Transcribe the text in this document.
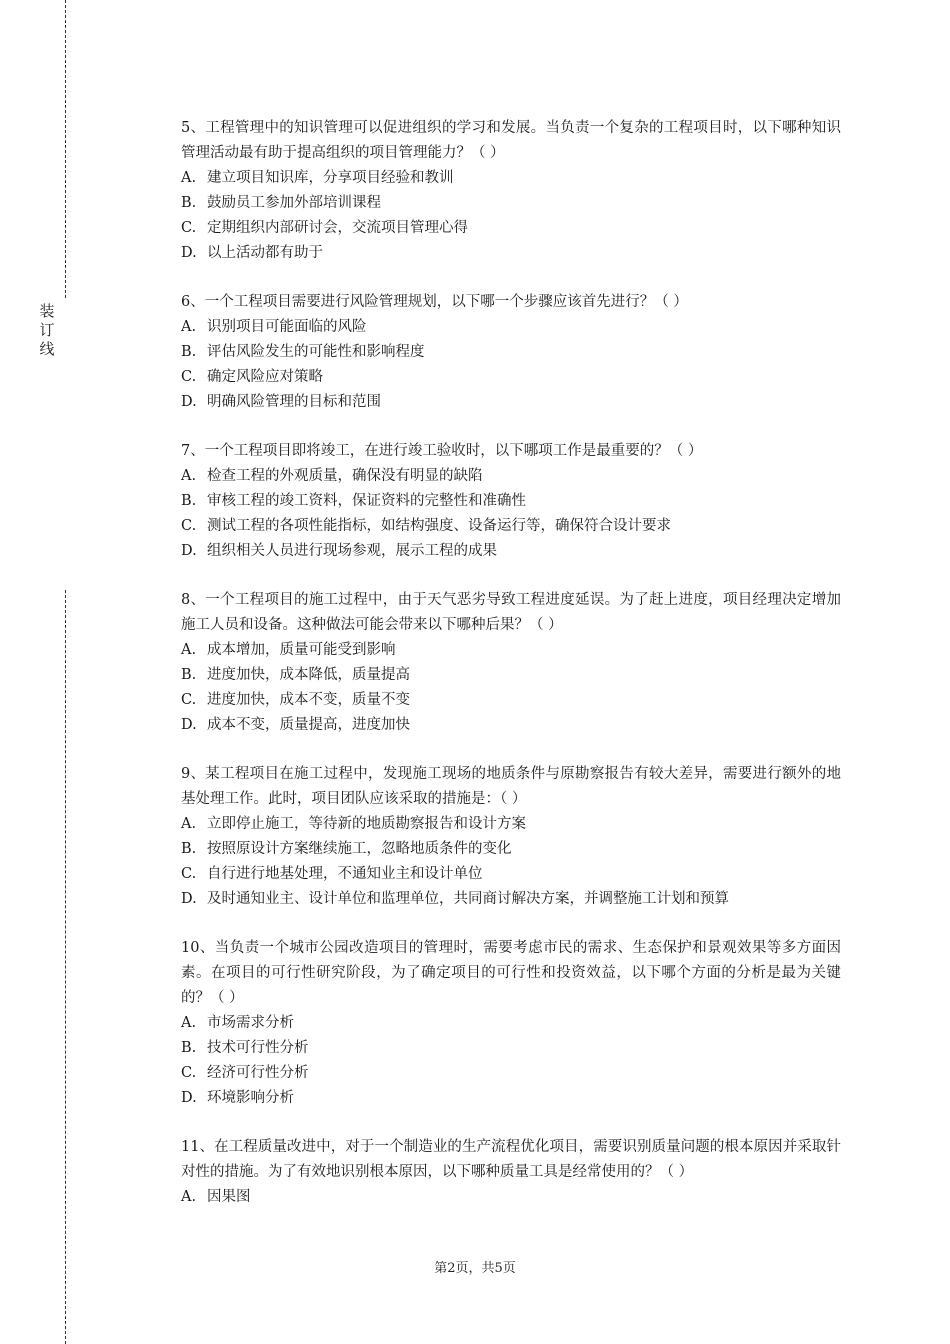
装
订
线
5、工程管理中的知识管理可以促进组织的学习和发展。当负责一个复杂的工程项目时，以下哪种知识管理活动最有助于提高组织的项目管理能力？（ ）
A. 建立项目知识库，分享项目经验和教训
B. 鼓励员工参加外部培训课程
C. 定期组织内部研讨会，交流项目管理心得
D. 以上活动都有助于
6、一个工程项目需要进行风险管理规划，以下哪一个步骤应该首先进行？（ ）
A. 识别项目可能面临的风险
B. 评估风险发生的可能性和影响程度
C. 确定风险应对策略
D. 明确风险管理的目标和范围
7、一个工程项目即将竣工，在进行竣工验收时，以下哪项工作是最重要的？（ ）
A. 检查工程的外观质量，确保没有明显的缺陷
B. 审核工程的竣工资料，保证资料的完整性和准确性
C. 测试工程的各项性能指标，如结构强度、设备运行等，确保符合设计要求
D. 组织相关人员进行现场参观，展示工程的成果
8、一个工程项目的施工过程中，由于天气恶劣导致工程进度延误。为了赶上进度，项目经理决定增加施工人员和设备。这种做法可能会带来以下哪种后果？（ ）
A. 成本增加，质量可能受到影响
B. 进度加快，成本降低，质量提高
C. 进度加快，成本不变，质量不变
D. 成本不变，质量提高，进度加快
9、某工程项目在施工过程中，发现施工现场的地质条件与原勘察报告有较大差异，需要进行额外的地基处理工作。此时，项目团队应该采取的措施是：（ ）
A. 立即停止施工，等待新的地质勘察报告和设计方案
B. 按照原设计方案继续施工，忽略地质条件的变化
C. 自行进行地基处理，不通知业主和设计单位
D. 及时通知业主、设计单位和监理单位，共同商讨解决方案，并调整施工计划和预算
10、当负责一个城市公园改造项目的管理时，需要考虑市民的需求、生态保护和景观效果等多方面因素。在项目的可行性研究阶段，为了确定项目的可行性和投资效益，以下哪个方面的分析是最为关键的？（ ）
A. 市场需求分析
B. 技术可行性分析
C. 经济可行性分析
D. 环境影响分析
11、在工程质量改进中，对于一个制造业的生产流程优化项目，需要识别质量问题的根本原因并采取针对性的措施。为了有效地识别根本原因，以下哪种质量工具是经常使用的？（ ）
A. 因果图
第2页，共5页
